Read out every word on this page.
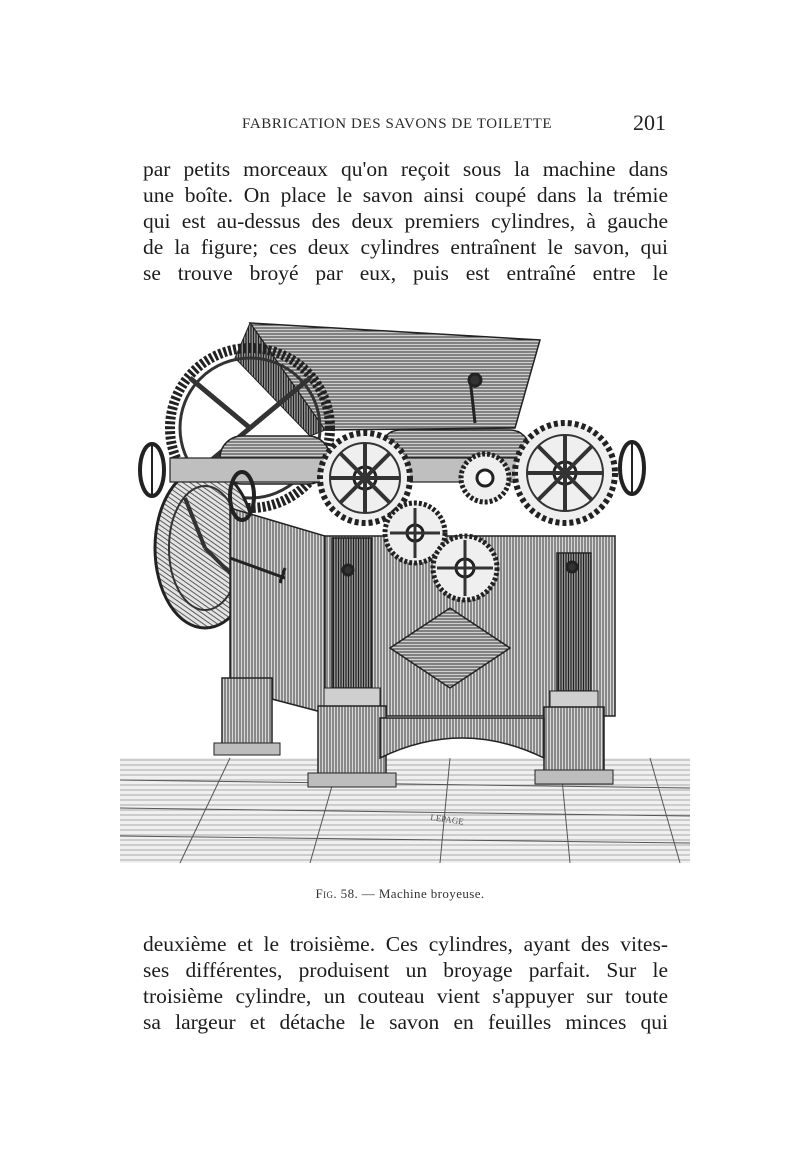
FABRICATION DES SAVONS DE TOILETTE	201

par petits morceaux qu'on reçoit sous la machine dans
une boîte. On place le savon ainsi coupé dans la trémie
qui est au-dessus des deux premiers cylindres, à gauche
de la figure; ces deux cylindres entraînent le savon, qui
se trouve broyé par eux, puis est entraîné entre le

LEPAGE
Fig. 58. — Machine broyeuse.

deuxième et le troisième. Ces cylindres, ayant des vites-
ses différentes, produisent un broyage parfait. Sur le
troisième cylindre, un couteau vient s'appuyer sur toute
sa largeur et détache le savon en feuilles minces qui
